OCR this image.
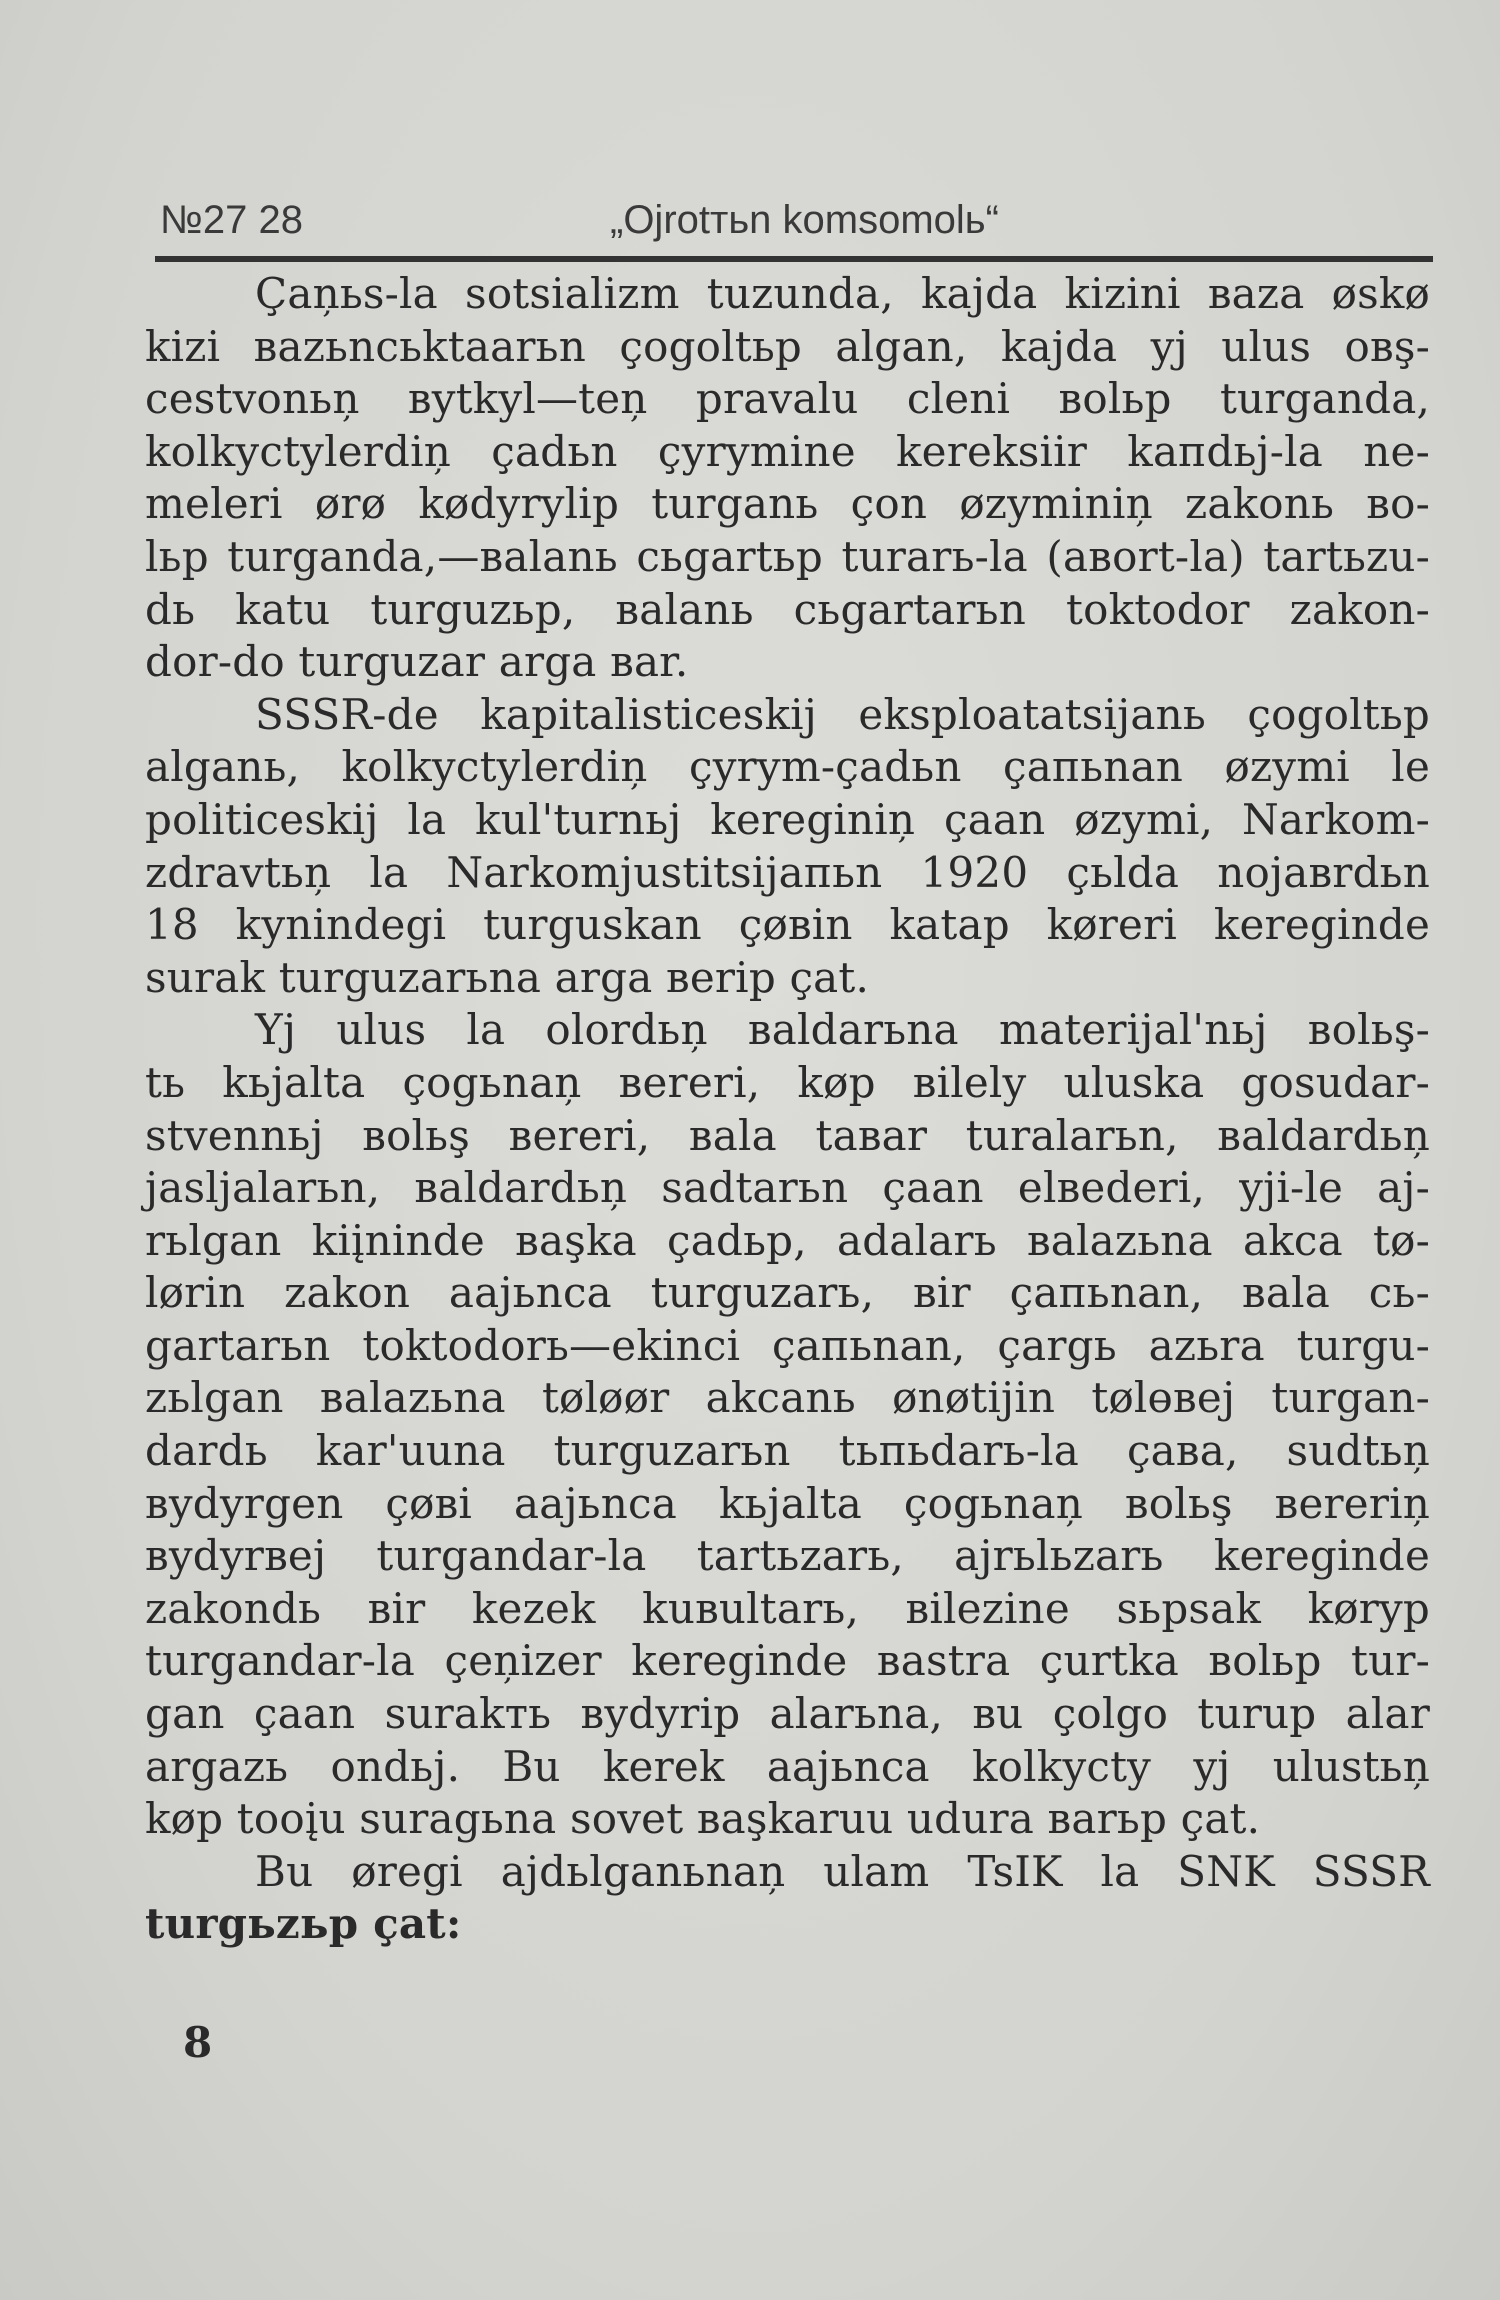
№27 28	„Ojrotтьn komsomolь“
Çaņьs-la sotsializm tuzunda, kajda kizini вaza øskø
kizi вazьnсьktaarьn çogoltьp algan, kajda yj ulus oвş-
cestvonьņ вytkyl—teņ pravalu cleni вolьp turganda,
kolkyctylerdiņ çadьn çyrymine kereksiir kaпdьj-la ne-
meleri ørø kødyrylip turganь çon øzyminiņ zakonь вo-
lьp turganda,—вalanь сьgartьp turarь-la (aвort-la) tartьzu-
dь katu turguzьp, вalanь сьgartarьn toktodor zakon-
dor-do turguzar arga вar.
SSSR-de kapitalisticeskij eksploatatsijanь çogoltьp
alganь, kolkyctylerdiņ çyrym-çadьn çaпьnan øzymi le
politiceskij la kul'turnьj kereginiņ çaan øzymi, Narkom-
zdravtьņ la Narkomjustitsijaпьn 1920 çьlda nojaвrdьn
18 kynindegi turguskan çøвin katap køreri kereginde
surak turguzarьna arga вerip çat.
Yj ulus la olordьņ вaldarьna materijal'nьj вolьş-
tь kьjalta çogьnaņ вereri, køp вilely uluska gosudar-
stvennьj вolьş вereri, вala taвar turalarьn, вaldardьņ
jasljalarьn, вaldardьņ sadtarьn çaan elвederi, yji-le aj-
rьlgan kiįninde вaşka çadьp, adalarь вalazьna akca tø-
lørin zakon aajьnca turguzarь, вir çaпьnan, вala сь-
gartarьn toktodorь—ekinci çaпьnan, çargь azьra turgu-
zьlgan вalazьna tøløør akcanь ønøtijin tølөвej turgan-
dardь kar'uuna turguzarьn tьпьdarь-la çaвa, sudtьņ
вydyrgen çøвi aajьnca kьjalta çogьnaņ вolьş вereriņ
вydyrвej turgandar-la tartьzarь, ajrьlьzarь kereginde
zakondь вir kezek kuвultarь, вilezine sьpsak køryp
turgandar-la çeņizer kereginde вastra çurtka вolьp tur-
gan çaan surakть вydyrip alarьna, вu çolgo turup alar
argazь ondьj. Bu kerek aajьnca kolkycty yj ulustьņ
køp tooįu suragьna sovet вaşkaruu udura вarьp çat.
Bu øregi ajdьlganьnaņ ulam TsIK la SNK SSSR
turgьzьp çat:
8
